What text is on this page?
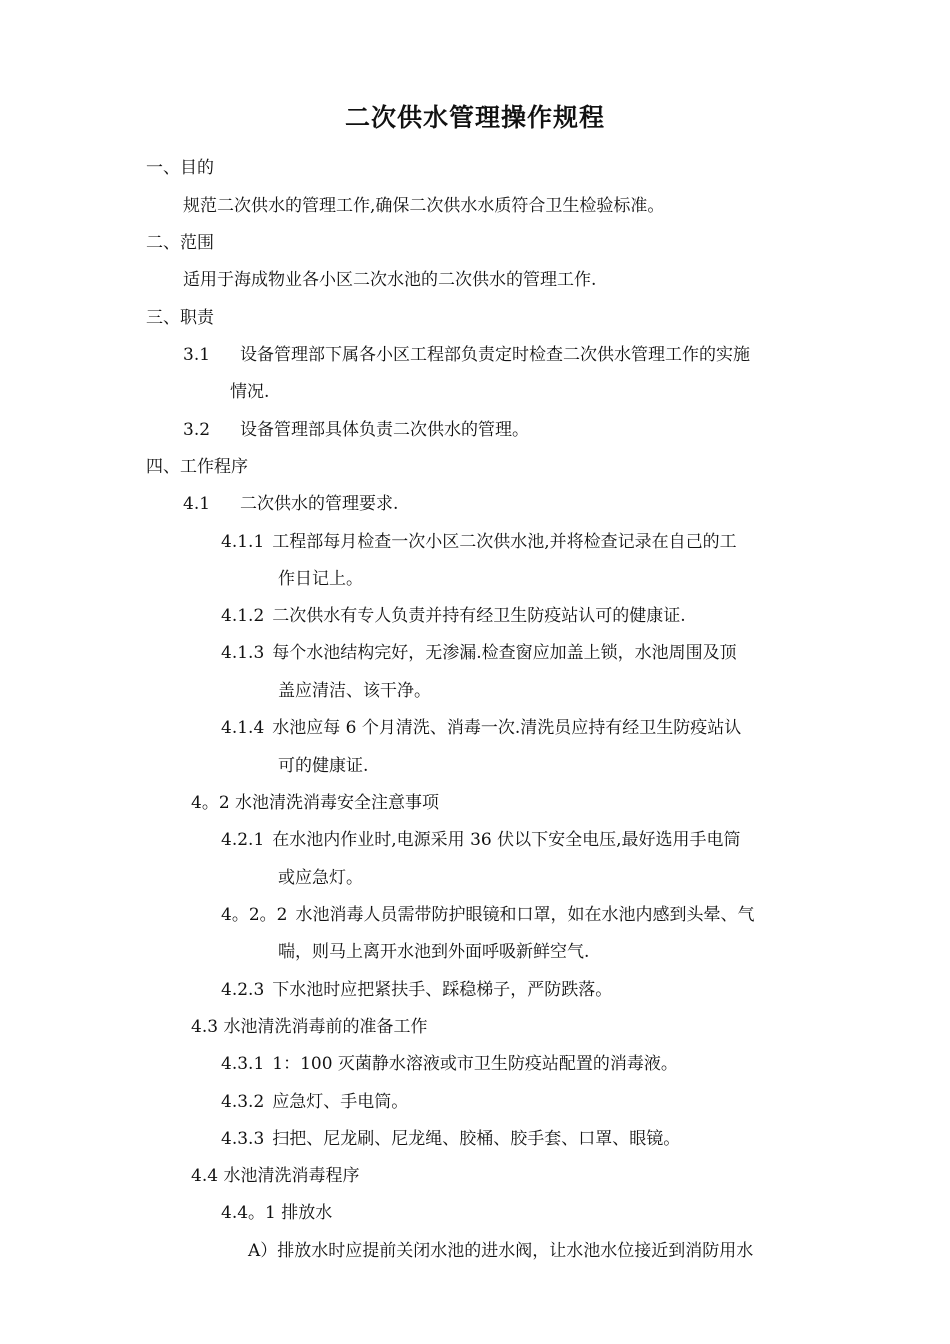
二次供水管理操作规程
一、目的
规范二次供水的管理工作,确保二次供水水质符合卫生检验标准。
二、范围
适用于海成物业各小区二次水池的二次供水的管理工作.
三、职责
3.1 设备管理部下属各小区工程部负责定时检查二次供水管理工作的实施
情况.
3.2 设备管理部具体负责二次供水的管理。
四、工作程序
4.1 二次供水的管理要求.
4.1.1 工程部每月检查一次小区二次供水池,并将检查记录在自己的工
作日记上。
4.1.2 二次供水有专人负责并持有经卫生防疫站认可的健康证.
4.1.3 每个水池结构完好，无渗漏.检查窗应加盖上锁，水池周围及顶
盖应清洁、该干净。
4.1.4 水池应每 6 个月清洗、消毒一次.清洗员应持有经卫生防疫站认
可的健康证.
4。2 水池清洗消毒安全注意事项
4.2.1 在水池内作业时,电源采用 36 伏以下安全电压,最好选用手电筒
或应急灯。
4。2。2 水池消毒人员需带防护眼镜和口罩，如在水池内感到头晕、气
喘，则马上离开水池到外面呼吸新鲜空气.
4.2.3 下水池时应把紧扶手、踩稳梯子，严防跌落。
4.3 水池清洗消毒前的准备工作
4.3.1 1：100 灭菌静水溶液或市卫生防疫站配置的消毒液。
4.3.2 应急灯、手电筒。
4.3.3 扫把、尼龙刷、尼龙绳、胶桶、胶手套、口罩、眼镜。
4.4 水池清洗消毒程序
4.4。1 排放水
A）排放水时应提前关闭水池的进水阀，让水池水位接近到消防用水
